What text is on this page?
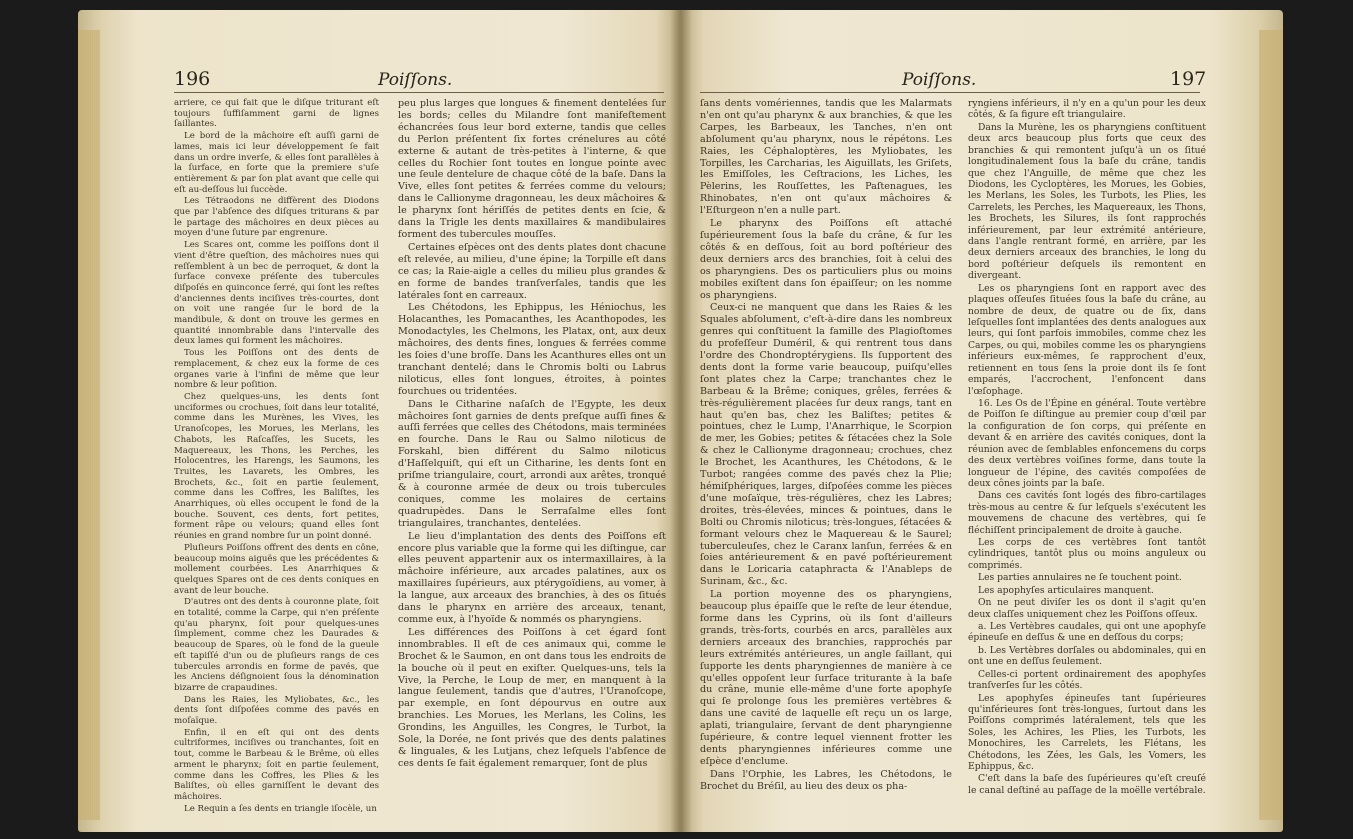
196	Poiſſons.

arriere, ce qui fait que le diſque triturant eſt toujours ſuffiſamment garni de lignes ſaillantes.

Le bord de la mâchoire eſt auſſi garni de lames, mais ici leur développement ſe fait dans un ordre inverſe, & elles ſont parallèles à la ſurface, en ſorte que la premiere s'uſe entièrement & par ſon plat avant que celle qui eſt au-deſſous lui ſuccède.

Les Tétraodons ne diffèrent des Diodons que par l'abſence des diſques triturans & par le partage des mâchoires en deux pièces au moyen d'une ſuture par engrenure.

Les Scares ont, comme les poiſſons dont il vient d'être queſtion, des mâchoires nues qui reſſemblent à un bec de perroquet, & dont la ſurface convexe préſente des tubercules diſpoſés en quinconce ſerré, qui ſont les reſtes d'anciennes dents inciſives très-courtes, dont on voit une rangée ſur le bord de la mandibule, & dont on trouve les germes en quantité innombrable dans l'intervalle des deux lames qui forment les mâchoires.

Tous les Poiſſons ont des dents de remplacement, & chez eux la forme de ces organes varie à l'infini de même que leur nombre & leur poſition.

Chez quelques-uns, les dents ſont unciformes ou crochues, ſoit dans leur totalité, comme dans les Murènes, les Vives, les Uranoſcopes, les Morues, les Merlans, les Chabots, les Raſcaſſes, les Sucets, les Maquereaux, les Thons, les Perches, les Holocentres, les Harengs, les Saumons, les Truites, les Lavarets, les Ombres, les Brochets, &c., ſoit en partie ſeulement, comme dans les Coffres, les Baliſtes, les Anarrhiques, où elles occupent le fond de la bouche. Souvent, ces dents, fort petites, forment râpe ou velours; quand elles ſont réunies en grand nombre ſur un point donné.

Pluſieurs Poiſſons offrent des dents en cône, beaucoup moins aiguës que les précédentes & mollement courbées. Les Anarrhiques & quelques Spares ont de ces dents coniques en avant de leur bouche.

D'autres ont des dents à couronne plate, ſoit en totalité, comme la Carpe, qui n'en préſente qu'au pharynx, ſoit pour quelques-unes ſimplement, comme chez les Daurades & beaucoup de Spares, où le fond de la gueule eſt tapiſſé d'un ou de pluſieurs rangs de ces tubercules arrondis en forme de pavés, que les Anciens déſignoient ſous la dénomination bizarre de crapaudines.

Dans les Raies, les Myliobates, &c., les dents ſont diſpoſées comme des pavés en moſaïque.

Enfin, il en eſt qui ont des dents cultriformes, inciſives ou tranchantes, ſoit en tout, comme le Barbeau & le Brême, où elles arment le pharynx; ſoit en partie ſeulement, comme dans les Coffres, les Plies & les Baliſtes, où elles garniſſent le devant des mâchoires.

Le Requin a ſes dents en triangle iſocèle, un

peu plus larges que longues & finement dentelées ſur les bords; celles du Milandre ſont manifeſtement échancrées ſous leur bord externe, tandis que celles du Perlon préſentent ſix fortes crénelures au côté externe & autant de très-petites à l'interne, & que celles du Rochier ſont toutes en longue pointe avec une ſeule dentelure de chaque côté de la baſe. Dans la Vive, elles ſont petites & ferrées comme du velours; dans le Callionyme dragonneau, les deux mâchoires & le pharynx ſont hériſſés de petites dents en ſcie, & dans la Trigle les dents maxillaires & mandibulaires forment des tubercules mouſſes.

Certaines eſpèces ont des dents plates dont chacune eſt relevée, au milieu, d'une épine; la Torpille eſt dans ce cas; la Raie-aigle a celles du milieu plus grandes & en forme de bandes tranſverſales, tandis que les latérales ſont en carreaux.

Les Chétodons, les Ephippus, les Héniochus, les Holacanthes, les Pomacanthes, les Acanthopodes, les Monodactyles, les Chelmons, les Platax, ont, aux deux mâchoires, des dents fines, longues & ferrées comme les ſoies d'une broſſe. Dans les Acanthures elles ont un tranchant dentelé; dans le Chromis bolti ou Labrus niloticus, elles ſont longues, étroites, à pointes fourchues ou tridentées.

Dans le Citharine naſaſch de l'Egypte, les deux mâchoires ſont garnies de dents preſque auſſi fines & auſſi ferrées que celles des Chétodons, mais terminées en fourche. Dans le Rau ou Salmo niloticus de Forskahl, bien différent du Salmo niloticus d'Haſſelquiſt, qui eſt un Citharine, les dents ſont en priſme triangulaire, court, arrondi aux arêtes, tronqué & à couronne armée de deux ou trois tubercules coniques, comme les molaires de certains quadrupèdes. Dans le Serraſalme elles ſont triangulaires, tranchantes, dentelées.

Le lieu d'implantation des dents des Poiſſons eſt encore plus variable que la forme qui les diſtingue, car elles peuvent appartenir aux os intermaxillaires, à la mâchoire inférieure, aux arcades palatines, aux os maxillaires ſupérieurs, aux ptérygoïdiens, au vomer, à la langue, aux arceaux des branchies, à des os ſitués dans le pharynx en arrière des arceaux, tenant, comme eux, à l'hyoïde & nommés os pharyngiens.

Les différences des Poiſſons à cet égard ſont innombrables. Il eſt de ces animaux qui, comme le Brochet & le Saumon, en ont dans tous les endroits de la bouche où il peut en exiſter. Quelques-uns, tels la Vive, la Perche, le Loup de mer, en manquent à la langue ſeulement, tandis que d'autres, l'Uranoſcope, par exemple, en ſont dépourvus en outre aux branchies. Les Morues, les Merlans, les Colins, les Grondins, les Anguilles, les Congres, le Turbot, la Sole, la Dorée, ne ſont privés que des dents palatines & linguales, & les Lutjans, chez leſquels l'abſence de ces dents ſe fait également remarquer, ſont de plus

Poiſſons.	197

ſans dents vomériennes, tandis que les Malarmats n'en ont qu'au pharynx & aux branchies, & que les Carpes, les Barbeaux, les Tanches, n'en ont abſolument qu'au pharynx, nous le répétons. Les Raies, les Céphaloptères, les Myliobates, les Torpilles, les Carcharias, les Aiguillats, les Griſets, les Emiſſoles, les Ceſtracions, les Liches, les Pèlerins, les Rouſſettes, les Paſtenagues, les Rhinobates, n'en ont qu'aux mâchoires & l'Eſturgeon n'en a nulle part.

Le pharynx des Poiſſons eſt attaché ſupérieurement ſous la baſe du crâne, & ſur les côtés & en deſſous, ſoit au bord poſtérieur des deux derniers arcs des branchies, ſoit à celui des os pharyngiens. Des os particuliers plus ou moins mobiles exiſtent dans ſon épaiſſeur; on les nomme os pharyngiens.

Ceux-ci ne manquent que dans les Raies & les Squales abſolument, c'eſt-à-dire dans les nombreux genres qui conſtituent la famille des Plagioſtomes du profeſſeur Duméril, & qui rentrent tous dans l'ordre des Chondroptérygiens. Ils ſupportent des dents dont la forme varie beaucoup, puiſqu'elles ſont plates chez la Carpe; tranchantes chez le Barbeau & la Brême; coniques, grêles, ferrées & très-régulièrement placées ſur deux rangs, tant en haut qu'en bas, chez les Baliſtes; petites & pointues, chez le Lump, l'Anarrhique, le Scorpion de mer, les Gobies; petites & ſétacées chez la Sole & chez le Callionyme dragonneau; crochues, chez le Brochet, les Acanthures, les Chétodons, & le Turbot; rangées comme des pavés chez la Plie; hémiſphériques, larges, diſpoſées comme les pièces d'une moſaïque, très-régulières, chez les Labres; droites, très-élevées, minces & pointues, dans le Bolti ou Chromis niloticus; très-longues, ſétacées & formant velours chez le Maquereau & le Saurel; tuberculeuſes, chez le Caranx lanſun, ferrées & en ſoies antérieurement & en pavé poſtérieurement dans le Loricaria cataphracta & l'Anableps de Surinam, &c., &c.

La portion moyenne des os pharyngiens, beaucoup plus épaiſſe que le reſte de leur étendue, forme dans les Cyprins, où ils ſont d'ailleurs grands, très-forts, courbés en arcs, parallèles aux derniers arceaux des branchies, rapprochés par leurs extrémités antérieures, un angle ſaillant, qui ſupporte les dents pharyngiennes de manière à ce qu'elles oppoſent leur ſurface triturante à la baſe du crâne, munie elle-même d'une forte apophyſe qui ſe prolonge ſous les premières vertèbres & dans une cavité de laquelle eſt reçu un os large, aplati, triangulaire, ſervant de dent pharyngienne ſupérieure, & contre lequel viennent frotter les dents pharyngiennes inférieures comme une eſpèce d'enclume.

Dans l'Orphie, les Labres, les Chétodons, le Brochet du Bréſil, au lieu des deux os pha-

ryngiens inférieurs, il n'y en a qu'un pour les deux côtés, & ſa figure eſt triangulaire.

Dans la Murène, les os pharyngiens conſtituent deux arcs beaucoup plus forts que ceux des branchies & qui remontent juſqu'à un os ſitué longitudinalement ſous la baſe du crâne, tandis que chez l'Anguille, de même que chez les Diodons, les Cycloptères, les Morues, les Gobies, les Merlans, les Soles, les Turbots, les Plies, les Carrelets, les Perches, les Maquereaux, les Thons, les Brochets, les Silures, ils ſont rapprochés inférieurement, par leur extrémité antérieure, dans l'angle rentrant formé, en arrière, par les deux derniers arceaux des branchies, le long du bord poſtérieur deſquels ils remontent en divergeant.

Les os pharyngiens ſont en rapport avec des plaques oſſeuſes ſituées ſous la baſe du crâne, au nombre de deux, de quatre ou de ſix, dans leſquelles ſont implantées des dents analogues aux leurs, qui ſont parfois immobiles, comme chez les Carpes, ou qui, mobiles comme les os pharyngiens inférieurs eux-mêmes, ſe rapprochent d'eux, retiennent en tous ſens la proie dont ils ſe ſont emparés, l'accrochent, l'enfoncent dans l'œſophage.

16. Les Os de l'Épine en général. Toute vertèbre de Poiſſon ſe diſtingue au premier coup d'œil par la configuration de ſon corps, qui préſente en devant & en arrière des cavités coniques, dont la réunion avec de ſemblables enfoncemens du corps des deux vertèbres voiſines forme, dans toute la longueur de l'épine, des cavités compoſées de deux cônes joints par la baſe.

Dans ces cavités ſont logés des fibro-cartilages très-mous au centre & ſur leſquels s'exécutent les mouvemens de chacune des vertèbres, qui ſe fléchiſſent principalement de droite à gauche.

Les corps de ces vertèbres ſont tantôt cylindriques, tantôt plus ou moins anguleux ou comprimés.

Les parties annulaires ne ſe touchent point.

Les apophyſes articulaires manquent.

On ne peut diviſer les os dont il s'agit qu'en deux claſſes uniquement chez les Poiſſons oſſeux.

a. Les Vertèbres caudales, qui ont une apophyſe épineuſe en deſſus & une en deſſous du corps;

b. Les Vertèbres dorſales ou abdominales, qui en ont une en deſſus ſeulement.

Celles-ci portent ordinairement des apophyſes tranſverſes ſur les côtés.

Les apophyſes épineuſes tant ſupérieures qu'inférieures ſont très-longues, ſurtout dans les Poiſſons comprimés latéralement, tels que les Soles, les Achires, les Plies, les Turbots, les Monochires, les Carrelets, les Flétans, les Chétodons, les Zées, les Gals, les Vomers, les Ephippus, &c.

C'eſt dans la baſe des ſupérieures qu'eſt creuſé le canal deſtiné au paſſage de la moëlle vertébrale.
